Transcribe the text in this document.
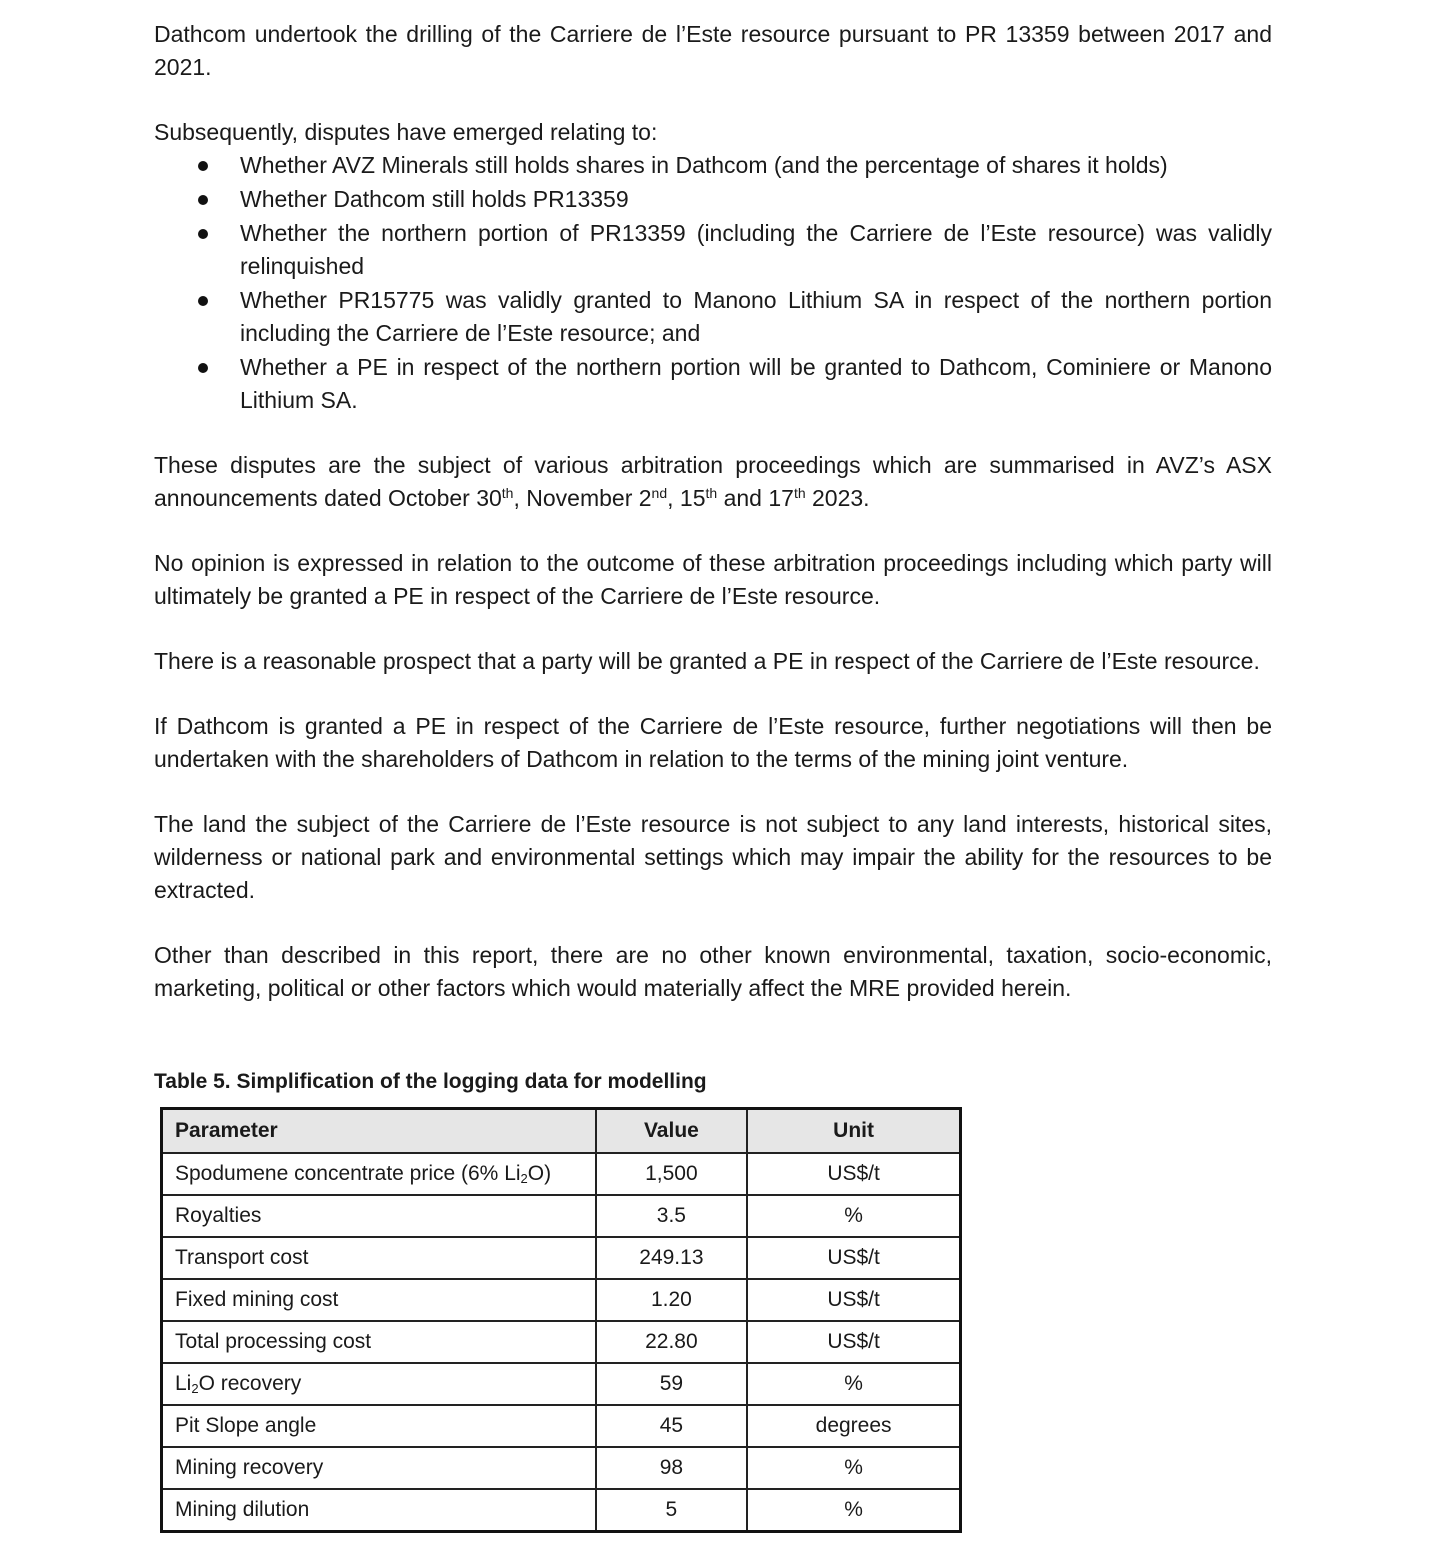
Dathcom undertook the drilling of the Carriere de l’Este resource pursuant to PR 13359 between 2017 and 2021.

Subsequently, disputes have emerged relating to:

Whether AVZ Minerals still holds shares in Dathcom (and the percentage of shares it holds)
Whether Dathcom still holds PR13359
Whether the northern portion of PR13359 (including the Carriere de l’Este resource) was validly relinquished
Whether PR15775 was validly granted to Manono Lithium SA in respect of the northern portion including the Carriere de l’Este resource; and
Whether a PE in respect of the northern portion will be granted to Dathcom, Cominiere or Manono Lithium SA.

These disputes are the subject of various arbitration proceedings which are summarised in AVZ’s ASX announcements dated October 30th, November 2nd, 15th and 17th 2023.

No opinion is expressed in relation to the outcome of these arbitration proceedings including which party will ultimately be granted a PE in respect of the Carriere de l’Este resource.

There is a reasonable prospect that a party will be granted a PE in respect of the Carriere de l’Este resource.

If Dathcom is granted a PE in respect of the Carriere de l’Este resource, further negotiations will then be undertaken with the shareholders of Dathcom in relation to the terms of the mining joint venture.

The land the subject of the Carriere de l’Este resource is not subject to any land interests, historical sites, wilderness or national park and environmental settings which may impair the ability for the resources to be extracted.

Other than described in this report, there are no other known environmental, taxation, socio-economic, marketing, political or other factors which would materially affect the MRE provided herein.

Table 5. Simplification of the logging data for modelling

Parameter	Value	Unit
Spodumene concentrate price (6% $Li_2O$)	1,500	US$/t
Royalties	3.5	%
Transport cost	249.13	US$/t
Fixed mining cost	1.20	US$/t
Total processing cost	22.80	US$/t
$Li_2O$ recovery	59	%
Pit Slope angle	45	degrees
Mining recovery	98	%
Mining dilution	5	%
